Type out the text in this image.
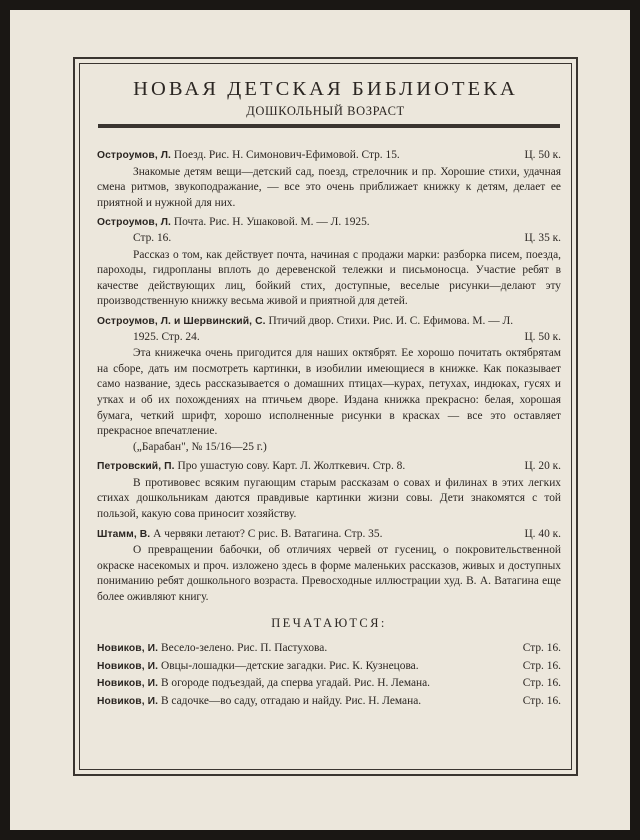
НОВАЯ ДЕТСКАЯ БИБЛИОТЕКА
ДОШКОЛЬНЫЙ ВОЗРАСТ
Остроумов, Л. Поезд. Рис. Н. Симонович-Ефимовой. Стр. 15.	Ц. 50 к.
Знакомые детям вещи—детский сад, поезд, стрелочник и пр. Хорошие стихи, удачная смена ритмов, звукоподражание, — все это очень приближает книжку к детям, делает ее приятной и нужной для них.
Остроумов, Л. Почта. Рис. Н. Ушаковой. М. — Л. 1925.
Стр. 16.	Ц. 35 к.
Рассказ о том, как действует почта, начиная с продажи марки: разборка писем, поезда, пароходы, гидропланы вплоть до деревенской тележки и письмоносца. Участие ребят в качестве действующих лиц, бойкий стих, доступные, веселые рисунки—делают эту производственную книжку весьма живой и приятной для детей.
Остроумов, Л. и Шервинский, С. Птичий двор. Стихи. Рис. И. С. Ефимова. М. — Л.
1925. Стр. 24.	Ц. 50 к.
Эта книжечка очень пригодится для наших октябрят. Ее хорошо почитать октябрятам на сборе, дать им посмотреть картинки, в изобилии имеющиеся в книжке. Как показывает само название, здесь рассказывается о домашних птицах—курах, петухах, индюках, гусях и утках и об их похождениях на птичьем дворе. Издана книжка прекрасно: белая, хорошая бумага, четкий шрифт, хорошо исполненные рисунки в красках — все это оставляет прекрасное впечатление.
(„Барабан", № 15/16—25 г.)
Петровский, П. Про ушастую сову. Карт. Л. Жолткевич. Стр. 8.	Ц. 20 к.
В противовес всяким пугающим старым рассказам о совах и филинах в этих легких стихах дошкольникам даются правдивые картинки жизни совы. Дети знакомятся с той пользой, какую сова приносит хозяйству.
Штамм, В. А червяки летают? С рис. В. Ватагина. Стр. 35.	Ц. 40 к.
О превращении бабочки, об отличиях червей от гусениц, о покровительственной окраске насекомых и проч. изложено здесь в форме маленьких рассказов, живых и доступных пониманию ребят дошкольного возраста. Превосходные иллюстрации худ. В. А. Ватагина еще более оживляют книгу.
ПЕЧАТАЮТСЯ:
Новиков, И. Весело-зелено. Рис. П. Пастухова.	Стр. 16.
Новиков, И. Овцы-лошадки—детские загадки. Рис. К. Кузнецова.	Стр. 16.
Новиков, И. В огороде подъездай, да сперва угадай. Рис. Н. Лемана.	Стр. 16.
Новиков, И. В садочке—во саду, отгадаю и найду. Рис. Н. Лемана.	Стр. 16.
